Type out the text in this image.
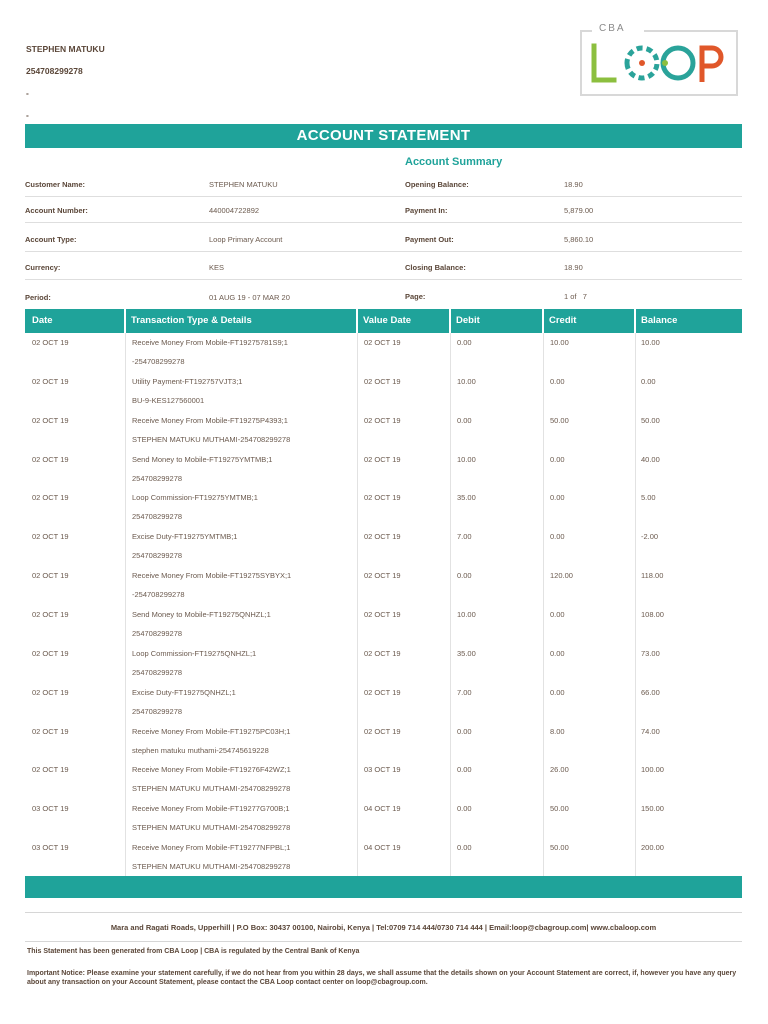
STEPHEN MATUKU
254708299278
-
-
CBA
ACCOUNT STATEMENT
Account Summary
Customer Name:	STEPHEN MATUKU
Account Number:	440004722892
Account Type:	Loop Primary Account
Currency:	KES
Period:	01 AUG 19 - 07 MAR 20
Opening Balance:	18.90
Payment In:	5,879.00
Payment Out:	5,860.10
Closing Balance:	18.90
Page:	1 of   7
Date	Transaction Type & Details	Value Date	Debit	Credit	Balance
02 OCT 19	Receive Money From Mobile-FT19275781S9;1	02 OCT 19	0.00	10.00	10.00
-254708299278
02 OCT 19	Utility Payment-FT192757VJT3;1	02 OCT 19	10.00	0.00	0.00
BU-9-KES127560001
02 OCT 19	Receive Money From Mobile-FT19275P4393;1	02 OCT 19	0.00	50.00	50.00
STEPHEN MATUKU MUTHAMI-254708299278
02 OCT 19	Send Money to Mobile-FT19275YMTMB;1	02 OCT 19	10.00	0.00	40.00
254708299278
02 OCT 19	Loop Commission-FT19275YMTMB;1	02 OCT 19	35.00	0.00	5.00
254708299278
02 OCT 19	Excise Duty-FT19275YMTMB;1	02 OCT 19	7.00	0.00	-2.00
254708299278
02 OCT 19	Receive Money From Mobile-FT19275SYBYX;1	02 OCT 19	0.00	120.00	118.00
-254708299278
02 OCT 19	Send Money to Mobile-FT19275QNHZL;1	02 OCT 19	10.00	0.00	108.00
254708299278
02 OCT 19	Loop Commission-FT19275QNHZL;1	02 OCT 19	35.00	0.00	73.00
254708299278
02 OCT 19	Excise Duty-FT19275QNHZL;1	02 OCT 19	7.00	0.00	66.00
254708299278
02 OCT 19	Receive Money From Mobile-FT19275PC03H;1	02 OCT 19	0.00	8.00	74.00
stephen matuku muthami-254745619228
02 OCT 19	Receive Money From Mobile-FT19276F42WZ;1	03 OCT 19	0.00	26.00	100.00
STEPHEN MATUKU MUTHAMI-254708299278
03 OCT 19	Receive Money From Mobile-FT19277G700B;1	04 OCT 19	0.00	50.00	150.00
STEPHEN MATUKU MUTHAMI-254708299278
03 OCT 19	Receive Money From Mobile-FT19277NFPBL;1	04 OCT 19	0.00	50.00	200.00
STEPHEN MATUKU MUTHAMI-254708299278
Mara and Ragati Roads, Upperhill | P.O Box: 30437 00100, Nairobi, Kenya | Tel:0709 714 444/0730 714 444 | Email:loop@cbagroup.com| www.cbaloop.com
This Statement has been generated from CBA Loop | CBA is regulated by the Central Bank of Kenya
Important Notice: Please examine your statement carefully, if we do not hear from you within 28 days, we shall assume that the details shown on your Account Statement are correct, if, however you have any query about any transaction on your Account Statement, please contact the CBA Loop contact center on loop@cbagroup.com.
